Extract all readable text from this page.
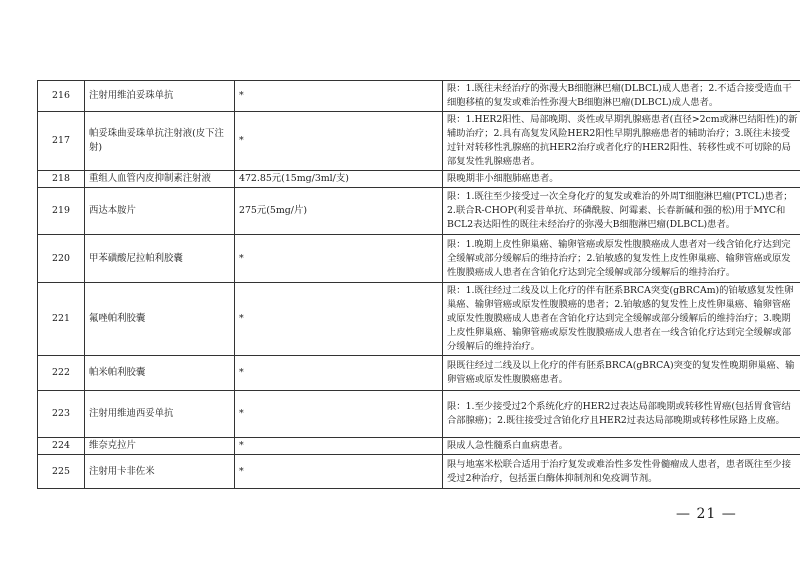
216	注射用维泊妥珠单抗	*	限：1.既往未经治疗的弥漫大B细胞淋巴瘤(DLBCL)成人患者；2.不适合接受造血干细胞移植的复发或难治性弥漫大B细胞淋巴瘤(DLBCL)成人患者。
217	帕妥珠曲妥珠单抗注射液(皮下注射)	*	限：1.HER2阳性、局部晚期、炎性或早期乳腺癌患者(直径>2cm或淋巴结阳性)的新辅助治疗；2.具有高复发风险HER2阳性早期乳腺癌患者的辅助治疗；3.既往未接受过针对转移性乳腺癌的抗HER2治疗或者化疗的HER2阳性、转移性或不可切除的局部复发性乳腺癌患者。
218	重组人血管内皮抑制素注射液	472.85元(15mg/3ml/支)	限晚期非小细胞肺癌患者。
219	西达本胺片	275元(5mg/片)	限：1.既往至少接受过一次全身化疗的复发或难治的外周T细胞淋巴瘤(PTCL)患者；2.联合R-CHOP(利妥昔单抗、环磷酰胺、阿霉素、长春新碱和强的松)用于MYC和BCL2表达阳性的既往未经治疗的弥漫大B细胞淋巴瘤(DLBCL)患者。
220	甲苯磺酸尼拉帕利胶囊	*	限：1.晚期上皮性卵巢癌、输卵管癌或原发性腹膜癌成人患者对一线含铂化疗达到完全缓解或部分缓解后的维持治疗；2.铂敏感的复发性上皮性卵巢癌、输卵管癌或原发性腹膜癌成人患者在含铂化疗达到完全缓解或部分缓解后的维持治疗。
221	氟唑帕利胶囊	*	限：1.既往经过二线及以上化疗的伴有胚系BRCA突变(gBRCAm)的铂敏感复发性卵巢癌、输卵管癌或原发性腹膜癌的患者；2.铂敏感的复发性上皮性卵巢癌、输卵管癌或原发性腹膜癌成人患者在含铂化疗达到完全缓解或部分缓解后的维持治疗；3.晚期上皮性卵巢癌、输卵管癌或原发性腹膜癌成人患者在一线含铂化疗达到完全缓解或部分缓解后的维持治疗。
222	帕米帕利胶囊	*	限既往经过二线及以上化疗的伴有胚系BRCA(gBRCA)突变的复发性晚期卵巢癌、输卵管癌或原发性腹膜癌患者。
223	注射用维迪西妥单抗	*	限：1.至少接受过2个系统化疗的HER2过表达局部晚期或转移性胃癌(包括胃食管结合部腺癌)；2.既往接受过含铂化疗且HER2过表达局部晚期或转移性尿路上皮癌。
224	维奈克拉片	*	限成人急性髓系白血病患者。
225	注射用卡非佐米	*	限与地塞米松联合适用于治疗复发或难治性多发性骨髓瘤成人患者，患者既往至少接受过2种治疗，包括蛋白酶体抑制剂和免疫调节剂。
— 21 —
